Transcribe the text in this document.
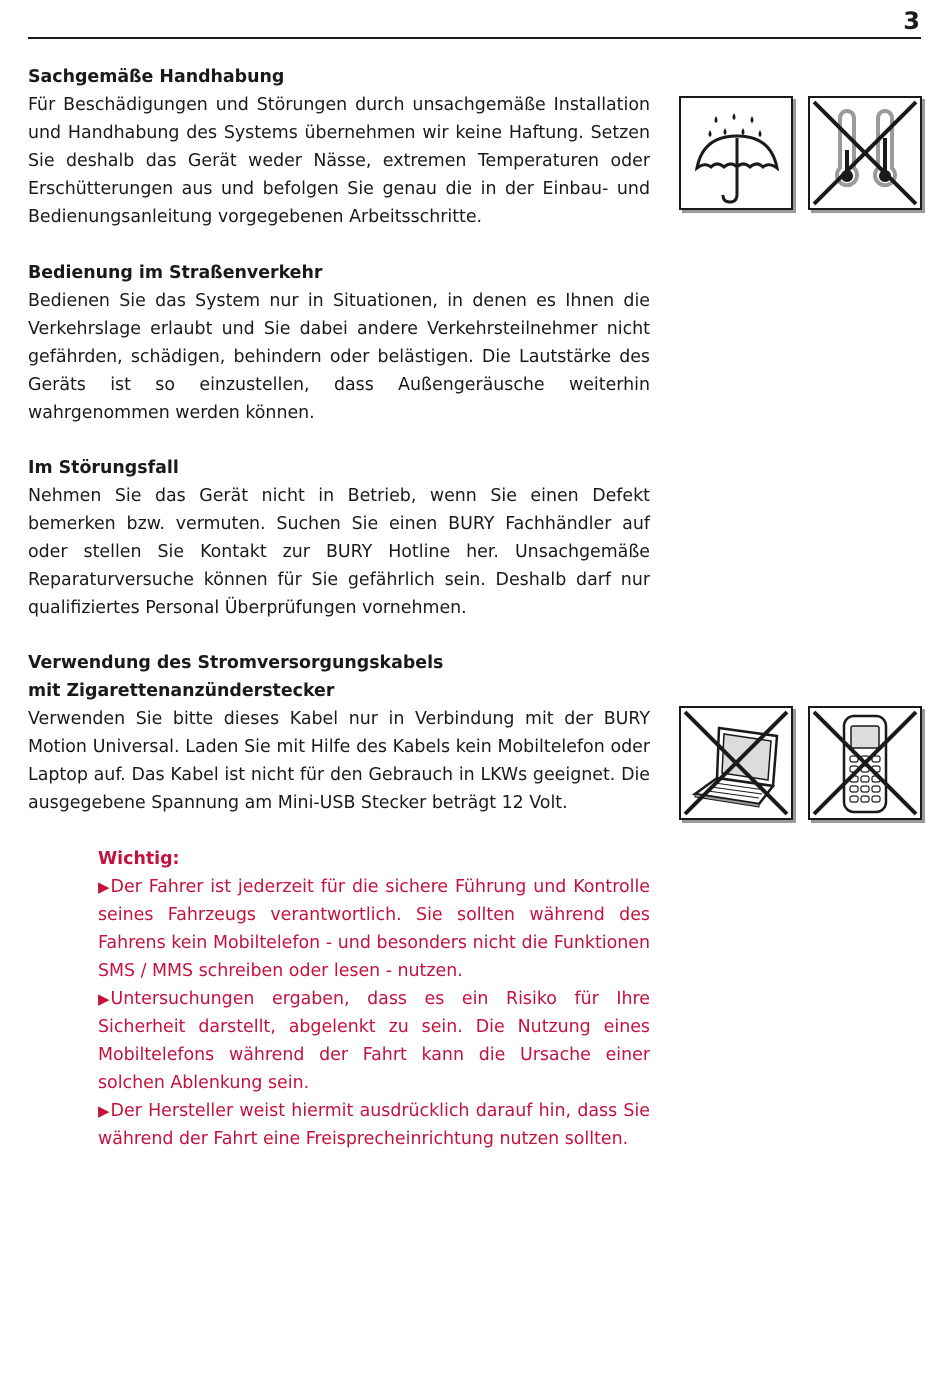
3
Sachgemäße Handhabung

Für Beschädigungen und Störungen durch unsachgemäße Installation und Handhabung des Systems übernehmen wir keine Haftung. Setzen Sie deshalb das Gerät weder Nässe, extremen Temperaturen oder Erschütterungen aus und befolgen Sie genau die in der Einbau- und Bedienungsanleitung vorgegebenen Arbeitsschritte.

Bedienung im Straßenverkehr

Bedienen Sie das System nur in Situationen, in denen es Ihnen die Verkehrslage erlaubt und Sie dabei andere Verkehrsteilnehmer nicht gefährden, schädigen, behindern oder belästigen. Die Lautstärke des Geräts ist so einzustellen, dass Außengeräusche weiterhin wahrgenommen werden können.

Im Störungsfall

Nehmen Sie das Gerät nicht in Betrieb, wenn Sie einen Defekt bemerken bzw. vermuten. Suchen Sie einen BURY Fachhändler auf oder stellen Sie Kontakt zur BURY Hotline her. Unsachgemäße Reparaturversuche können für Sie gefährlich sein. Deshalb darf nur qualifiziertes Personal Überprüfungen vornehmen.

Verwendung des Stromversorgungskabels
mit Zigarettenanzünderstecker

Verwenden Sie bitte dieses Kabel nur in Verbindung mit der BURY Motion Universal. Laden Sie mit Hilfe des Kabels kein Mobiltelefon oder Laptop auf. Das Kabel ist nicht für den Gebrauch in LKWs geeignet. Die ausgegebene Spannung am Mini-USB Stecker beträgt 12 Volt.

Wichtig:

▶Der Fahrer ist jederzeit für die sichere Führung und Kontrolle seines Fahrzeugs verantwortlich. Sie sollten während des Fahrens kein Mobiltelefon - und besonders nicht die Funktionen SMS / MMS schreiben oder lesen - nutzen.

▶Untersuchungen ergaben, dass es ein Risiko für Ihre Sicherheit darstellt, abgelenkt zu sein. Die Nutzung eines Mobiltelefons während der Fahrt kann die Ursache einer solchen Ablenkung sein.

▶Der Hersteller weist hiermit ausdrücklich darauf hin, dass Sie während der Fahrt eine Freisprecheinrichtung nutzen sollten.
